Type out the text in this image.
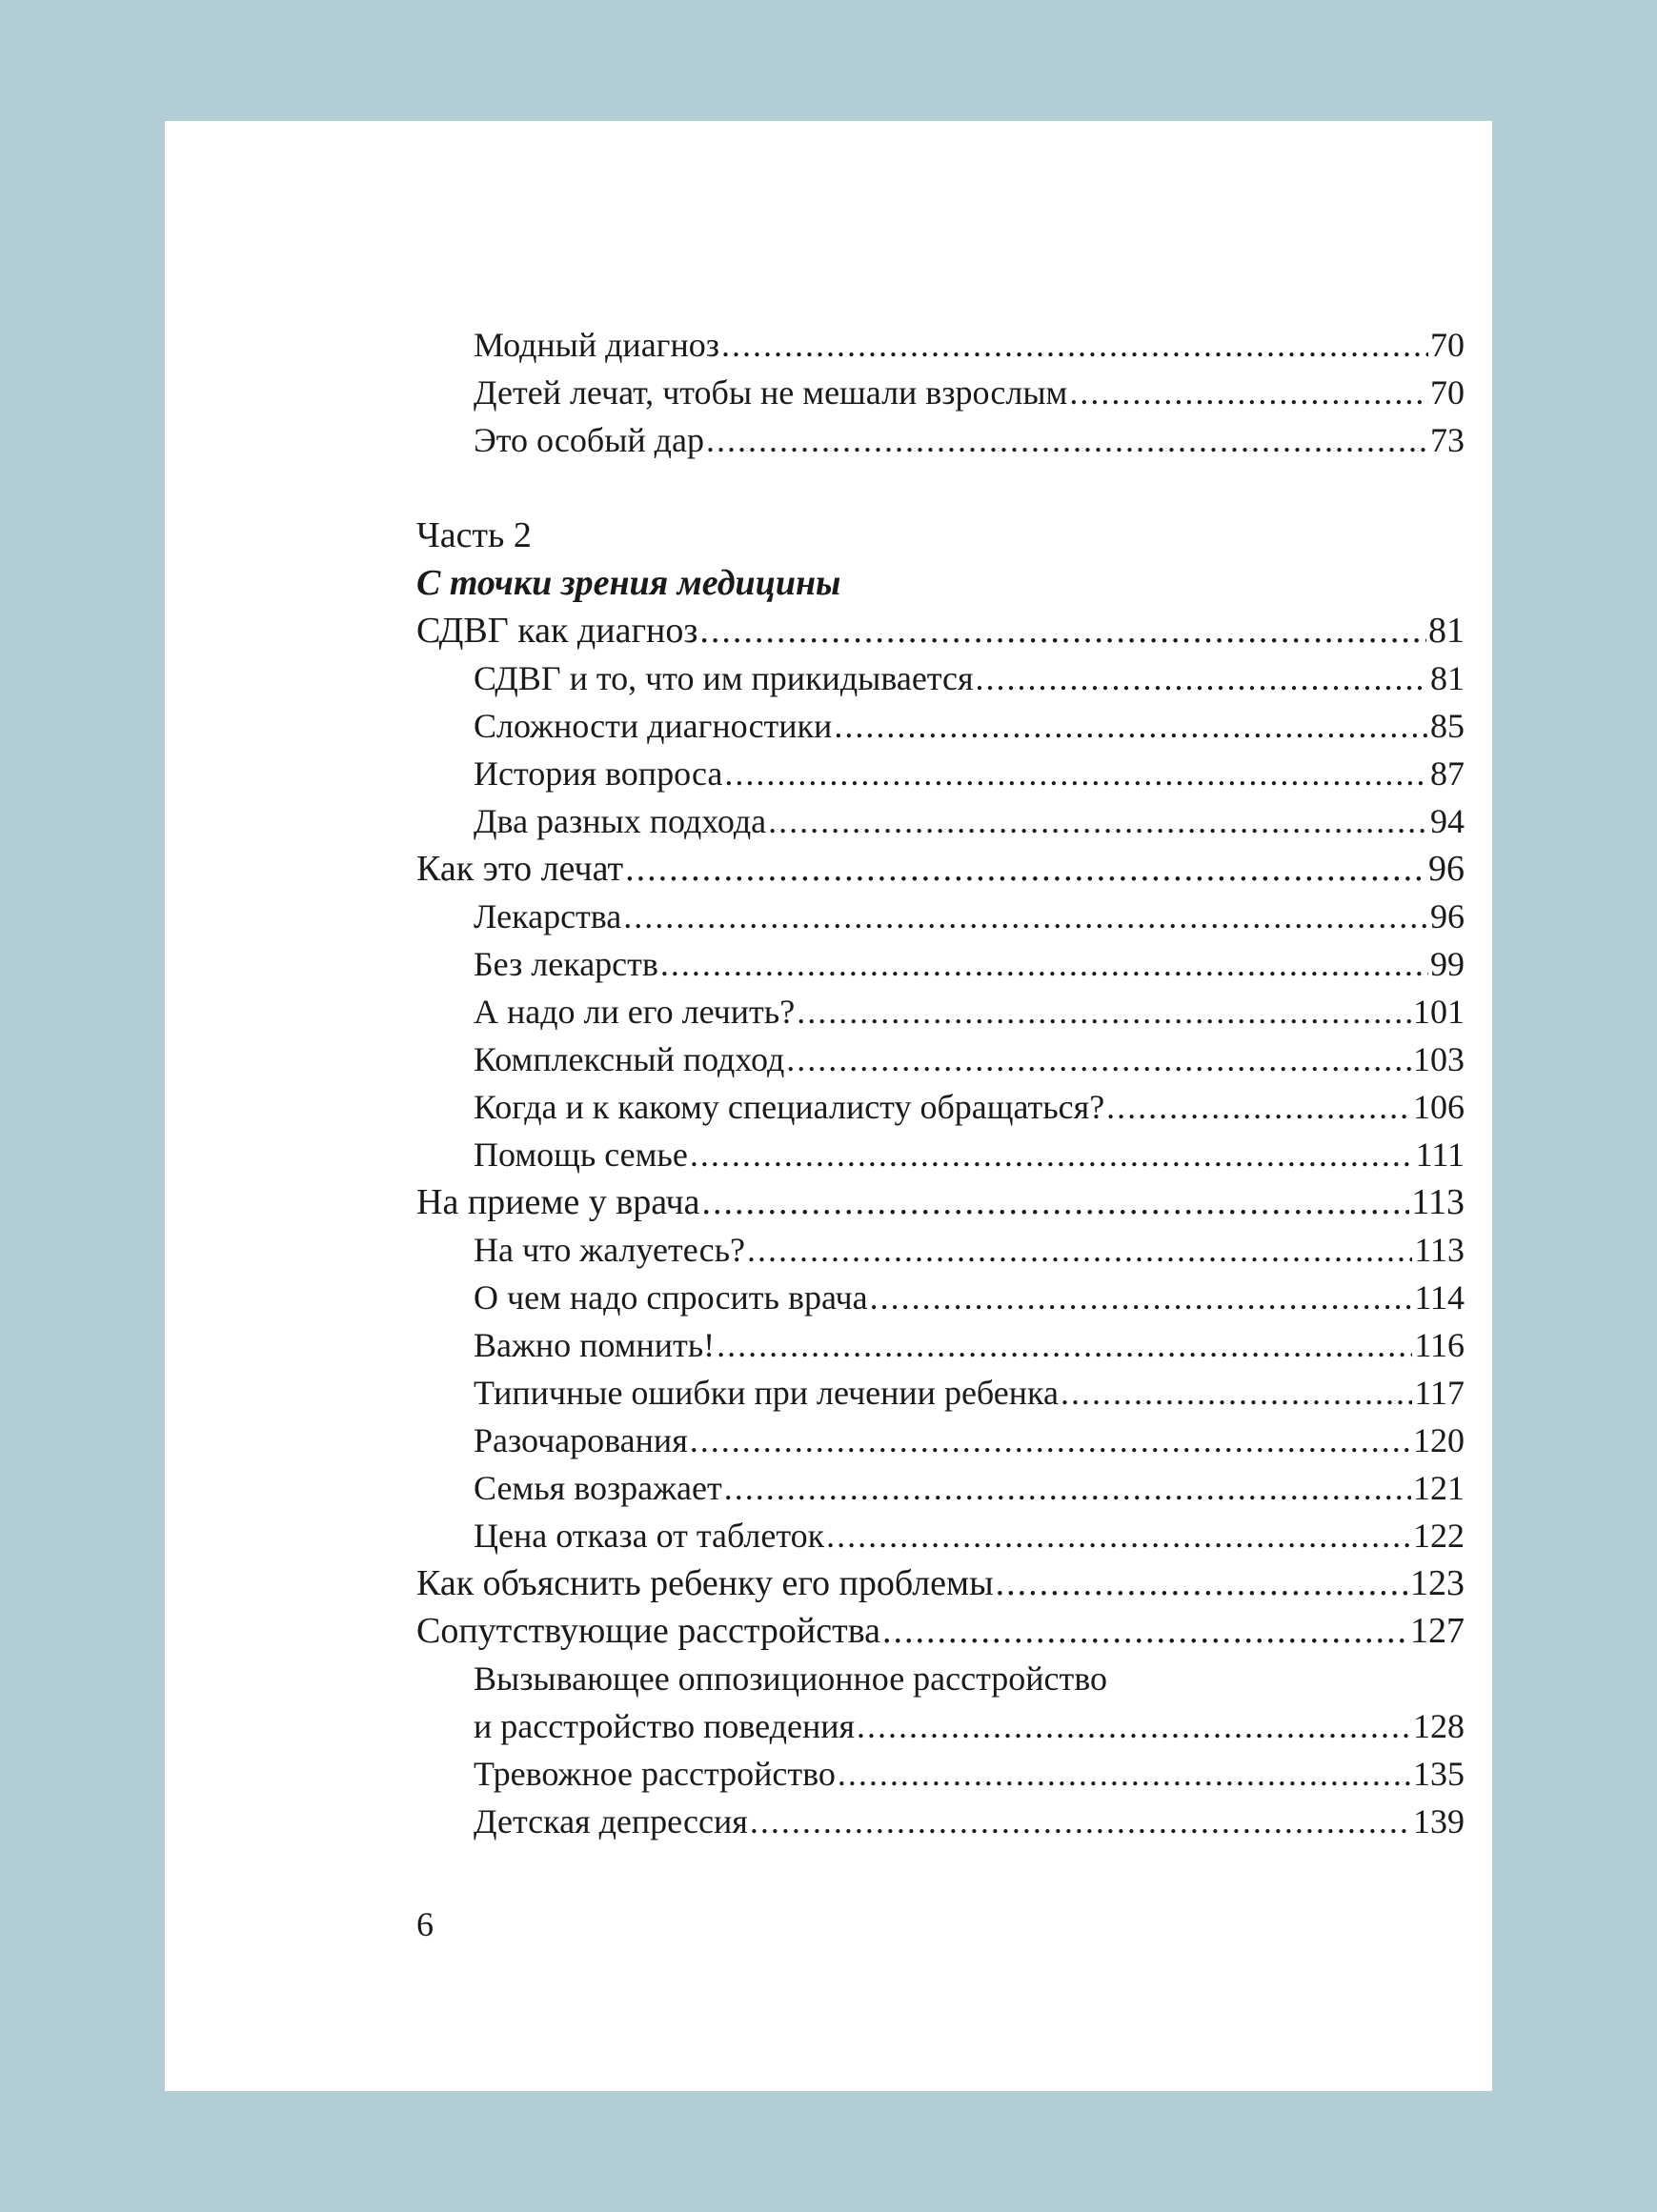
Модный диагноз .....	70
Детей лечат, чтобы не мешали взрослым .....	70
Это особый дар .....	73
Часть 2
С точки зрения медицины
СДВГ как диагноз .....	81
СДВГ и то, что им прикидывается .....	81
Сложности диагностики .....	85
История вопроса .....	87
Два разных подхода .....	94
Как это лечат .....	96
Лекарства .....	96
Без лекарств .....	99
А надо ли его лечить? .....	101
Комплексный подход .....	103
Когда и к какому специалисту обращаться? .....	106
Помощь семье .....	111
На приеме у врача .....	113
На что жалуетесь? .....	113
О чем надо спросить врача .....	114
Важно помнить! .....	116
Типичные ошибки при лечении ребенка .....	117
Разочарования .....	120
Семья возражает .....	121
Цена отказа от таблеток .....	122
Как объяснить ребенку его проблемы .....	123
Сопутствующие расстройства .....	127
Вызывающее оппозиционное расстройство
и расстройство поведения .....	128
Тревожное расстройство .....	135
Детская депрессия .....	139
6
